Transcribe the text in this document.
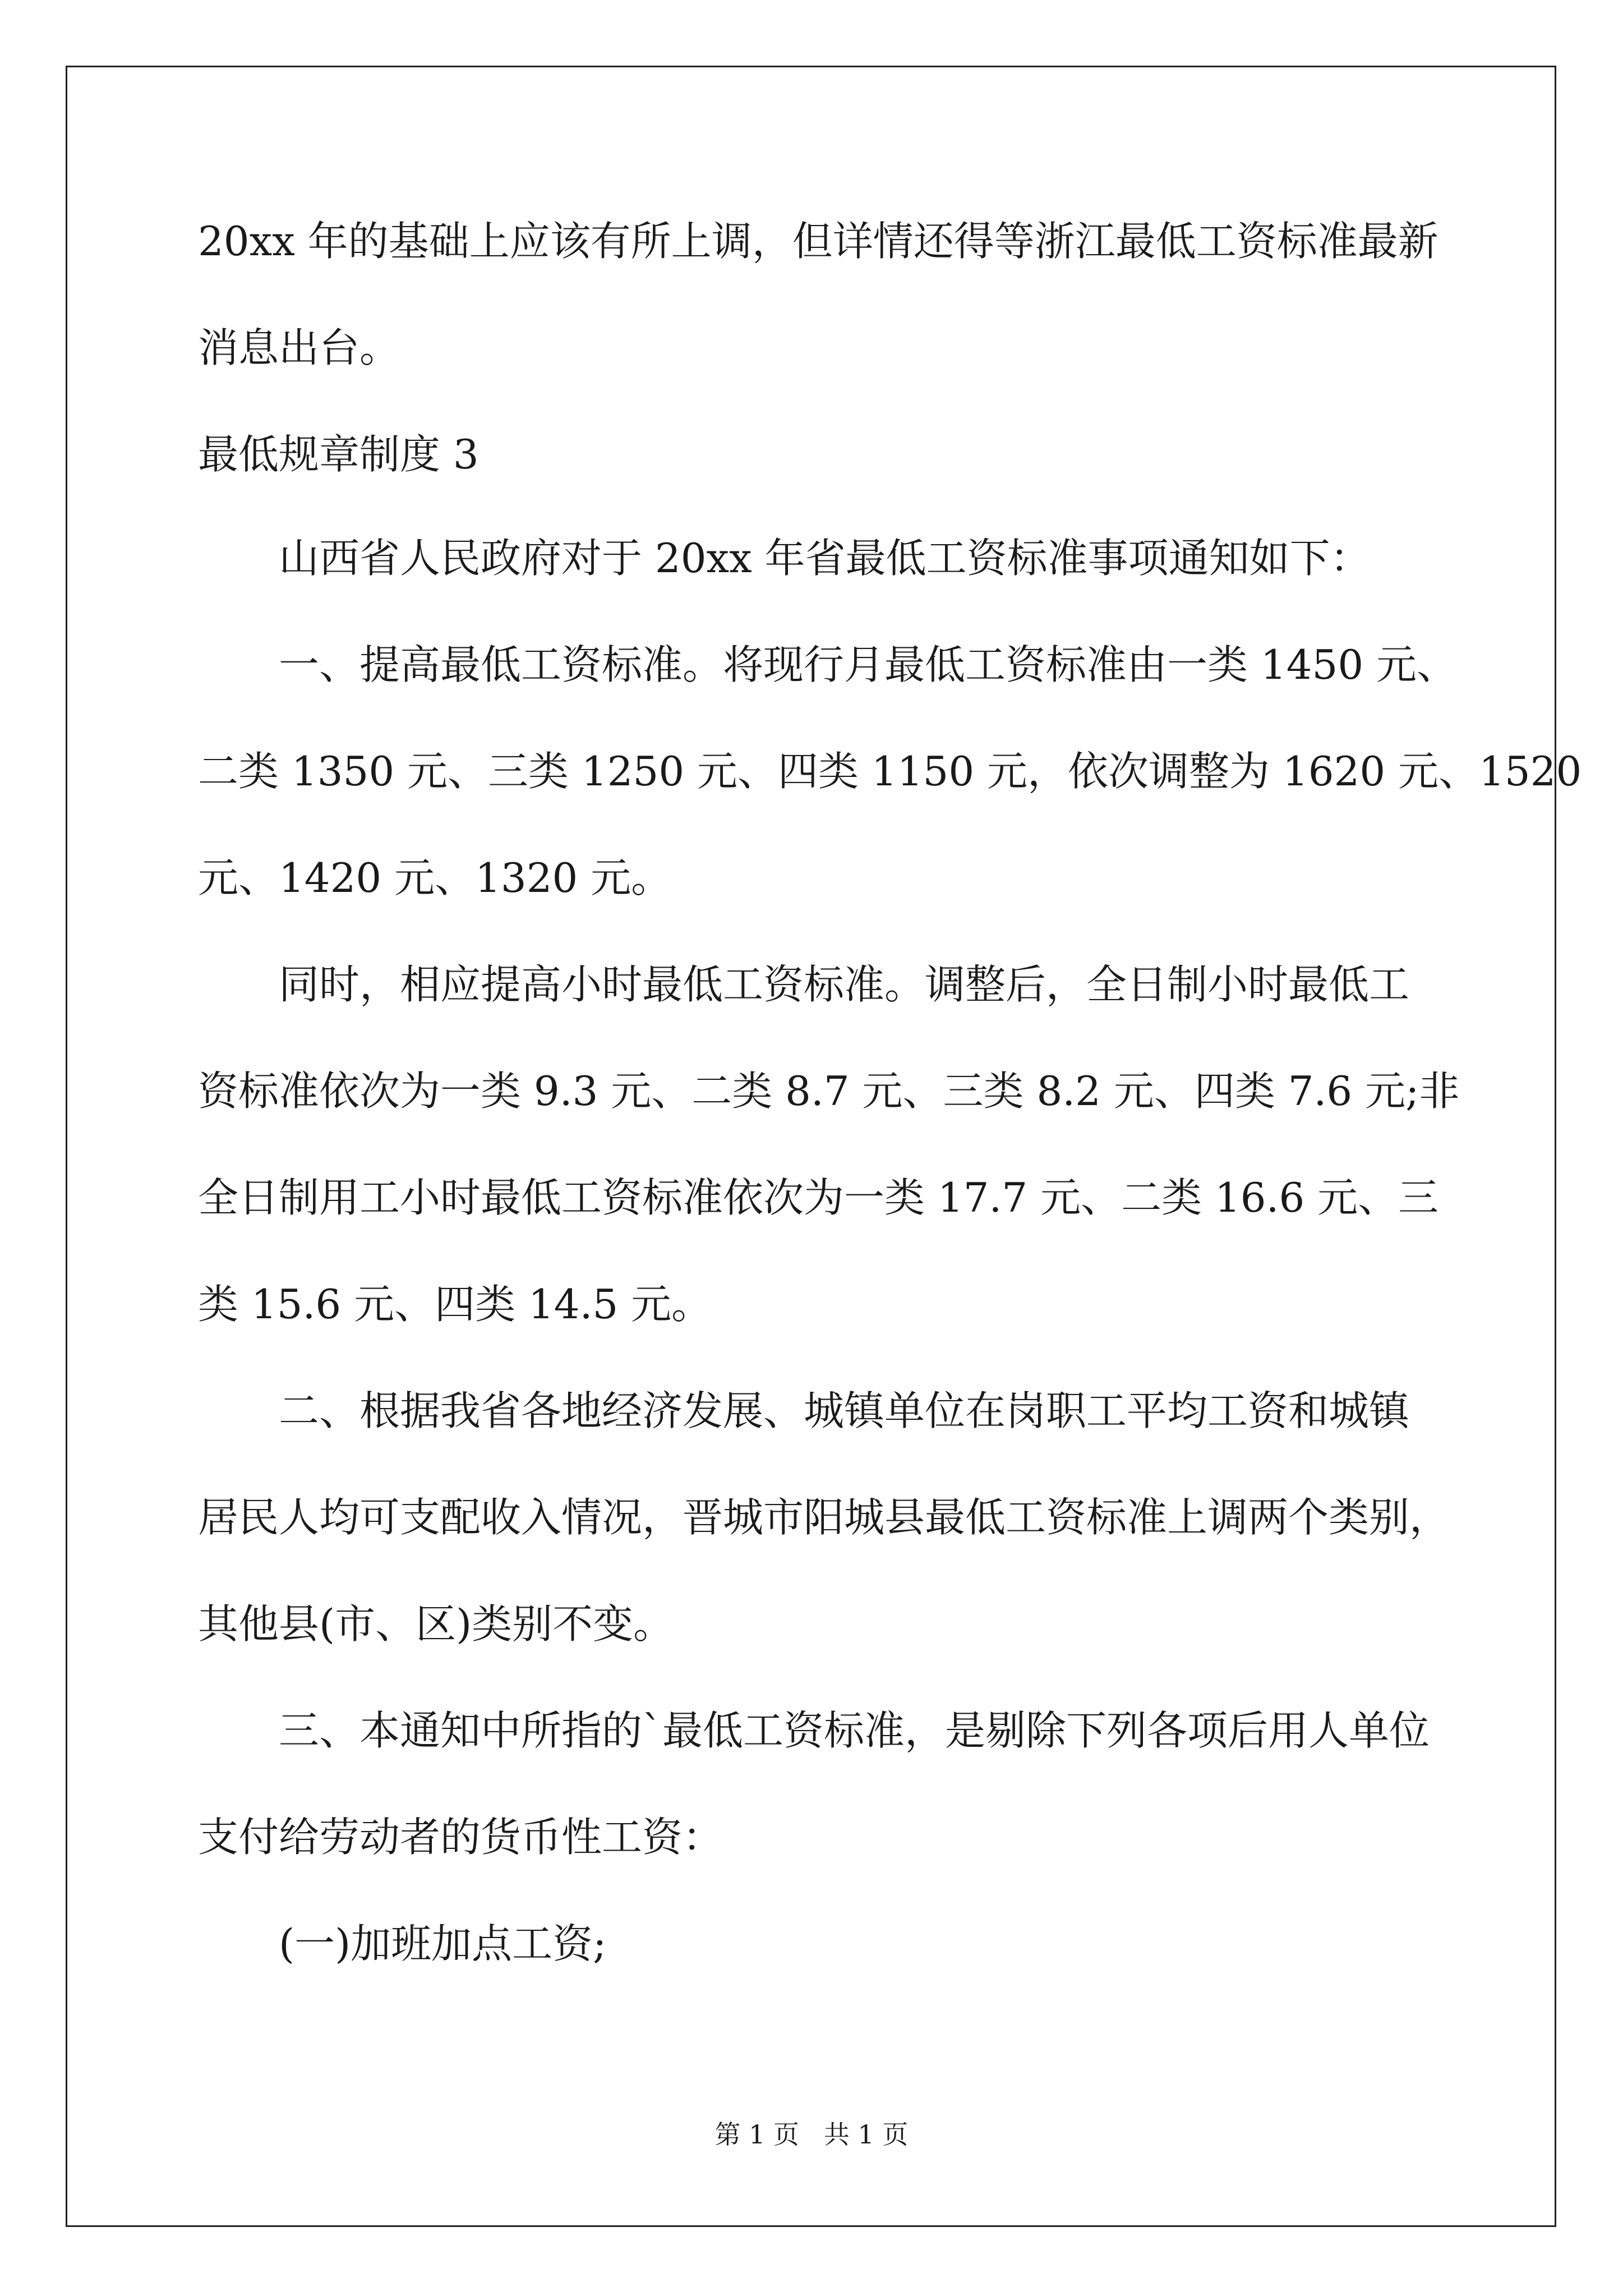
20xx 年的基础上应该有所上调，但详情还得等浙江最低工资标准最新
消息出台。
最低规章制度 3
山西省人民政府对于 20xx 年省最低工资标准事项通知如下：
一、提高最低工资标准。将现行月最低工资标准由一类 1450 元、
二类 1350 元、三类 1250 元、四类 1150 元，依次调整为 1620 元、1520
元、1420 元、1320 元。
同时，相应提高小时最低工资标准。调整后，全日制小时最低工
资标准依次为一类 9.3 元、二类 8.7 元、三类 8.2 元、四类 7.6 元;非
全日制用工小时最低工资标准依次为一类 17.7 元、二类 16.6 元、三
类 15.6 元、四类 14.5 元。
二、根据我省各地经济发展、城镇单位在岗职工平均工资和城镇
居民人均可支配收入情况，晋城市阳城县最低工资标准上调两个类别，
其他县(市、区)类别不变。
三、本通知中所指的`最低工资标准，是剔除下列各项后用人单位
支付给劳动者的货币性工资：
(一)加班加点工资;
第 1 页   共 1 页
